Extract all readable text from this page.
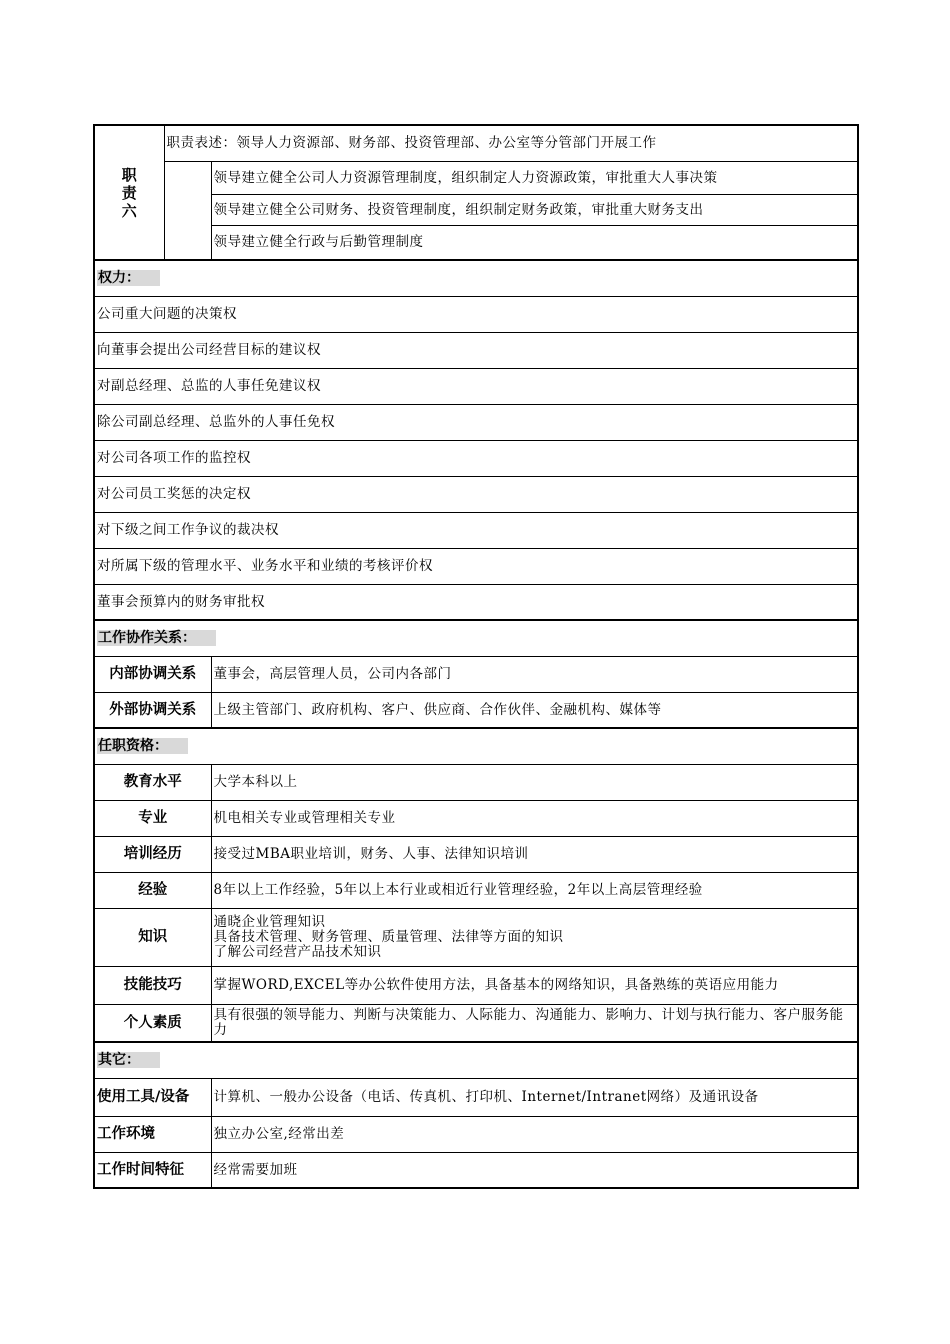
职
责
六	职责表述：领导人力资源部、财务部、投资管理部、办公室等分管部门开展工作	
		领导建立健全公司人力资源管理制度，组织制定人力资源政策，审批重大人事决策
		领导建立健全公司财务、投资管理制度，组织制定财务政策，审批重大财务支出
		领导建立健全行政与后勤管理制度
权力：		
公司重大问题的决策权		
向董事会提出公司经营目标的建议权		
对副总经理、总监的人事任免建议权		
除公司副总经理、总监外的人事任免权		
对公司各项工作的监控权		
对公司员工奖惩的决定权		
对下级之间工作争议的裁决权		
对所属下级的管理水平、业务水平和业绩的考核评价权		
董事会预算内的财务审批权		
工作协作关系：		
内部协调关系		董事会，高层管理人员，公司内各部门
外部协调关系		上级主管部门、政府机构、客户、供应商、合作伙伴、金融机构、媒体等
任职资格：		
教育水平		大学本科以上
专业		机电相关专业或管理相关专业
培训经历		接受过MBA职业培训，财务、人事、法律知识培训
经验		8年以上工作经验，5年以上本行业或相近行业管理经验，2年以上高层管理经验
知识		通晓企业管理知识
具备技术管理、财务管理、质量管理、法律等方面的知识
了解公司经营产品技术知识

技能技巧		掌握WORD,EXCEL等办公软件使用方法，具备基本的网络知识，具备熟练的英语应用能力
个人素质		具有很强的领导能力、判断与决策能力、人际能力、沟通能力、影响力、计划与执行能力、客户服务能力
其它：		
使用工具/设备		计算机、一般办公设备（电话、传真机、打印机、Internet/Intranet网络）及通讯设备
工作环境		独立办公室,经常出差
工作时间特征		经常需要加班
